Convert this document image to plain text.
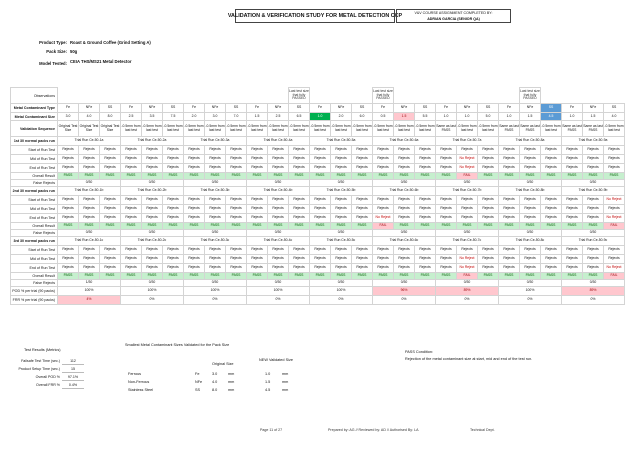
VALIDATION & VERIFICATION STUDY FOR METAL DETECTION CCP	V&V COURSE ASSIGNMENT COMPLETED BY:
ADRIAN GARCIA (SENIOR QA)
Product Type: Roast & Ground Coffee (Grind Setting A)
Pack Size: 50g
Model Tested: CEIA THS/MS21 Metal Detector
Observations												Last test size that fully PASSED				Last test size that fully PASSED							Last test size that fully PASSED				
Metal Contaminant Type	Fe	NFe	SS	Fe	NFe	SS	Fe	NFe	SS	Fe	NFe	SS	Fe	NFe	SS	Fe	NFe	SS	Fe	NFe	SS	Fe	NFe	SS	Fe	NFe	SS
Metal Contaminant Size	3.0	4.0	8.0	2.5	3.5	7.5	2.0	3.0	7.0	1.5	2.5	6.5	1.0	2.0	6.0	0.5	1.5	5.5	1.0	1.0	5.0	1.0	1.5	4.5	1.0	1.5	4.0
Validation Sequence	Original Test Size	Original Test Size	Original Test Size	-0.5mm from last test	-0.5mm from last test	-0.5mm from last test	-0.5mm from last test	-0.5mm from last test	-0.5mm from last test	-0.5mm from last test	-0.5mm from last test	-0.5mm from last test	-0.5mm from last test	-0.5mm from last test	-0.5mm from last test	-0.5mm from last test	-0.5mm from last test	-0.5mm from last test	Same as last PASS	-0.5mm from last test	-0.5mm from last test	Same as last PASS	Same as last PASS	-0.5mm from last test	Same as last PASS	Same as last PASS	-0.5mm from last test
1st 30 normal packs run	Trial Run Ce-50-1a			Trial Run Ce-50-2a			Trial Run Ce-50-3a			Trial Run Ce-50-4a			Trial Run Ce-50-5a			Trial Run Ce-50-6a			Trial Run Ce-50-7a			Trial Run Ce-50-8a			Trial Run Ce-50-9a		
Start of Run Test	Rejects	Rejects	Rejects	Rejects	Rejects	Rejects	Rejects	Rejects	Rejects	Rejects	Rejects	Rejects	Rejects	Rejects	Rejects	Rejects	Rejects	Rejects	Rejects	Rejects	Rejects	Rejects	Rejects	Rejects	Rejects	Rejects	Rejects
Mid of Run Test	Rejects	Rejects	Rejects	Rejects	Rejects	Rejects	Rejects	Rejects	Rejects	Rejects	Rejects	Rejects	Rejects	Rejects	Rejects	Rejects	Rejects	Rejects	Rejects	No Reject	Rejects	Rejects	Rejects	Rejects	Rejects	Rejects	Rejects
End of Run Test	Rejects	Rejects	Rejects	Rejects	Rejects	Rejects	Rejects	Rejects	Rejects	Rejects	Rejects	Rejects	Rejects	Rejects	Rejects	Rejects	Rejects	Rejects	Rejects	No Reject	Rejects	Rejects	Rejects	Rejects	Rejects	Rejects	Rejects
Overall Result	PASS	PASS	PASS	PASS	PASS	PASS	PASS	PASS	PASS	PASS	PASS	PASS	PASS	PASS	PASS	PASS	PASS	PASS	PASS	FAIL	PASS	PASS	PASS	PASS	PASS	PASS	PASS
False Rejects	0/30			0/30			0/30			0/30			0/30			0/30			0/30			0/30			0/30		
2nd 30 normal packs run	Trial Run Ce-50-1b			Trial Run Ce-50-2b			Trial Run Ce-50-3b			Trial Run Ce-50-4b			Trial Run Ce-50-5b			Trial Run Ce-50-6b			Trial Run Ce-50-7b			Trial Run Ce-50-8b			Trial Run Ce-50-9b		
Start of Run Test	Rejects	Rejects	Rejects	Rejects	Rejects	Rejects	Rejects	Rejects	Rejects	Rejects	Rejects	Rejects	Rejects	Rejects	Rejects	Rejects	Rejects	Rejects	Rejects	Rejects	Rejects	Rejects	Rejects	Rejects	Rejects	Rejects	No Reject
Mid of Run Test	Rejects	Rejects	Rejects	Rejects	Rejects	Rejects	Rejects	Rejects	Rejects	Rejects	Rejects	Rejects	Rejects	Rejects	Rejects	Rejects	Rejects	Rejects	Rejects	Rejects	Rejects	Rejects	Rejects	Rejects	Rejects	Rejects	Rejects
End of Run Test	Rejects	Rejects	Rejects	Rejects	Rejects	Rejects	Rejects	Rejects	Rejects	Rejects	Rejects	Rejects	Rejects	Rejects	Rejects	No Reject	Rejects	Rejects	Rejects	Rejects	Rejects	Rejects	Rejects	Rejects	Rejects	Rejects	No Reject
Overall Result	PASS	PASS	PASS	PASS	PASS	PASS	PASS	PASS	PASS	PASS	PASS	PASS	PASS	PASS	PASS	FAIL	PASS	PASS	PASS	PASS	PASS	PASS	PASS	PASS	PASS	PASS	FAIL
False Rejects	0/30			0/30			0/30			0/30			0/30			0/30			0/30			0/30			0/30		
3rd 30 normal packs run	Trial Run Ce-50-1c			Trial Run Ce-50-2c			Trial Run Ce-50-3c			Trial Run Ce-50-4c			Trial Run Ce-50-5c			Trial Run Ce-50-6c			Trial Run Ce-50-7c			Trial Run Ce-50-8c			Trial Run Ce-50-9c		
Start of Run Test	Rejects	Rejects	Rejects	Rejects	Rejects	Rejects	Rejects	Rejects	Rejects	Rejects	Rejects	Rejects	Rejects	Rejects	Rejects	Rejects	Rejects	Rejects	Rejects	Rejects	Rejects	Rejects	Rejects	Rejects	Rejects	Rejects	Rejects
Mid of Run Test	Rejects	Rejects	Rejects	Rejects	Rejects	Rejects	Rejects	Rejects	Rejects	Rejects	Rejects	Rejects	Rejects	Rejects	Rejects	Rejects	Rejects	Rejects	Rejects	No Reject	Rejects	Rejects	Rejects	Rejects	Rejects	Rejects	Rejects
End of Run Test	Rejects	Rejects	Rejects	Rejects	Rejects	Rejects	Rejects	Rejects	Rejects	Rejects	Rejects	Rejects	Rejects	Rejects	Rejects	Rejects	Rejects	Rejects	Rejects	No Reject	Rejects	Rejects	Rejects	Rejects	Rejects	Rejects	No Reject
Overall Result	PASS	PASS	PASS	PASS	PASS	PASS	PASS	PASS	PASS	PASS	PASS	PASS	PASS	PASS	PASS	PASS	PASS	PASS	PASS	FAIL	PASS	PASS	PASS	PASS	PASS	PASS	FAIL
False Rejects	1/30			0/30			0/30			0/30			0/30			0/30			0/30			0/30			0/30		
POD % per trial (90 packs)	100%			100%			100%			100%			100%			96%			89%			100%			89%		
FRR % per trial (90 packs)	4%			0%			0%			0%			0%			0%			0%			0%			0%		
Test Results (Metrics)
Failsafe Test Time (sec.)	112
Product Setup Time (sec.)	15
Overall POD %	97.1%
Overall FRR %	0.4%
Smallest Metal Contaminant Sizes Validated for the Pack Size
Original Size
NEW Validated Size
Ferrous	Fe	3.0	mm	1.0	mm
Non-Ferrous	NFe	4.0	mm	1.5	mm
Stainless Steel	SS	8.0	mm	4.5	mm
PASS Condition:
Rejection of the metal contaminant size at start, mid and end of the test run.
Page 11 of 27	Prepared by: AG // Reviewed by: AD // Authorised By: LA	Technical Dept.
